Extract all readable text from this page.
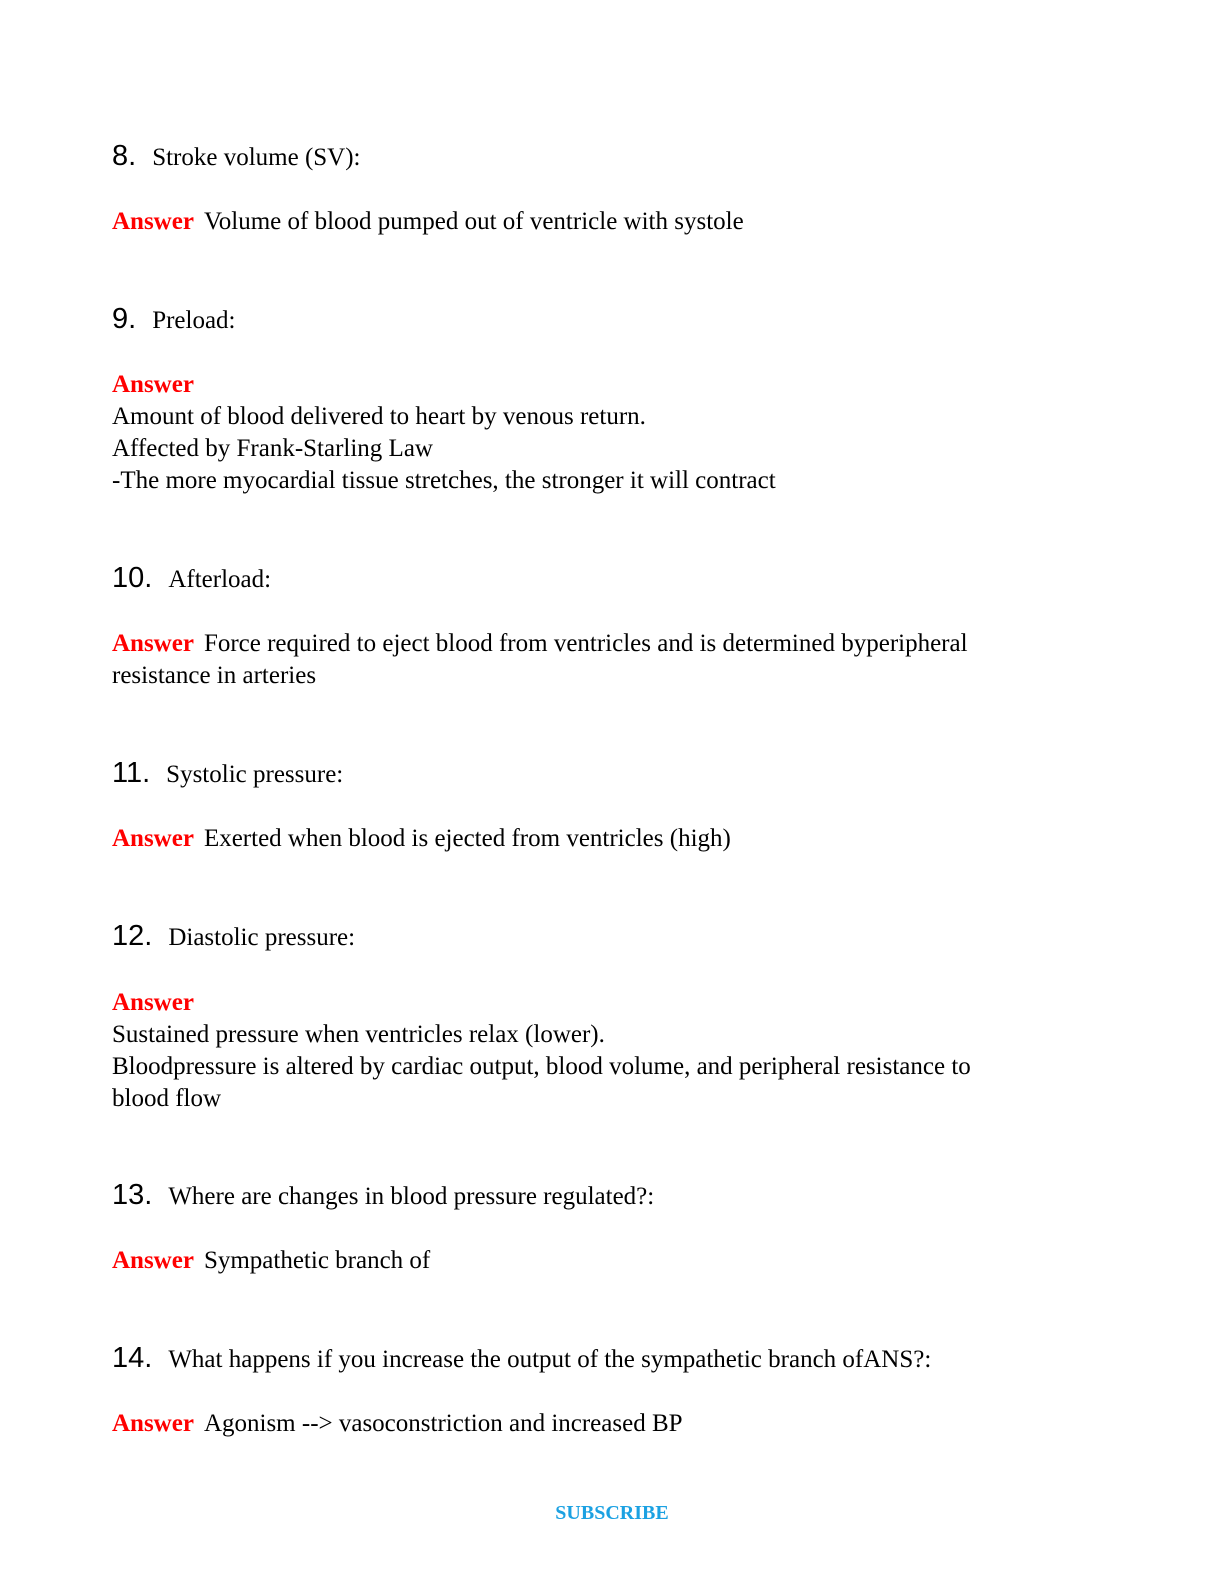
8. Stroke volume (SV):
Answer Volume of blood pumped out of ventricle with systole
9. Preload:
Answer
Amount of blood delivered to heart by venous return.
Affected by Frank-Starling Law
-The more myocardial tissue stretches, the stronger it will contract
10. Afterload:
Answer Force required to eject blood from ventricles and is determined byperipheral
resistance in arteries
11. Systolic pressure:
Answer Exerted when blood is ejected from ventricles (high)
12. Diastolic pressure:
Answer
Sustained pressure when ventricles relax (lower).
Bloodpressure is altered by cardiac output, blood volume, and peripheral resistance to
blood flow
13. Where are changes in blood pressure regulated?:
Answer Sympathetic branch of
14. What happens if you increase the output of the sympathetic branch ofANS?:
Answer Agonism --> vasoconstriction and increased BP
SUBSCRIBE
